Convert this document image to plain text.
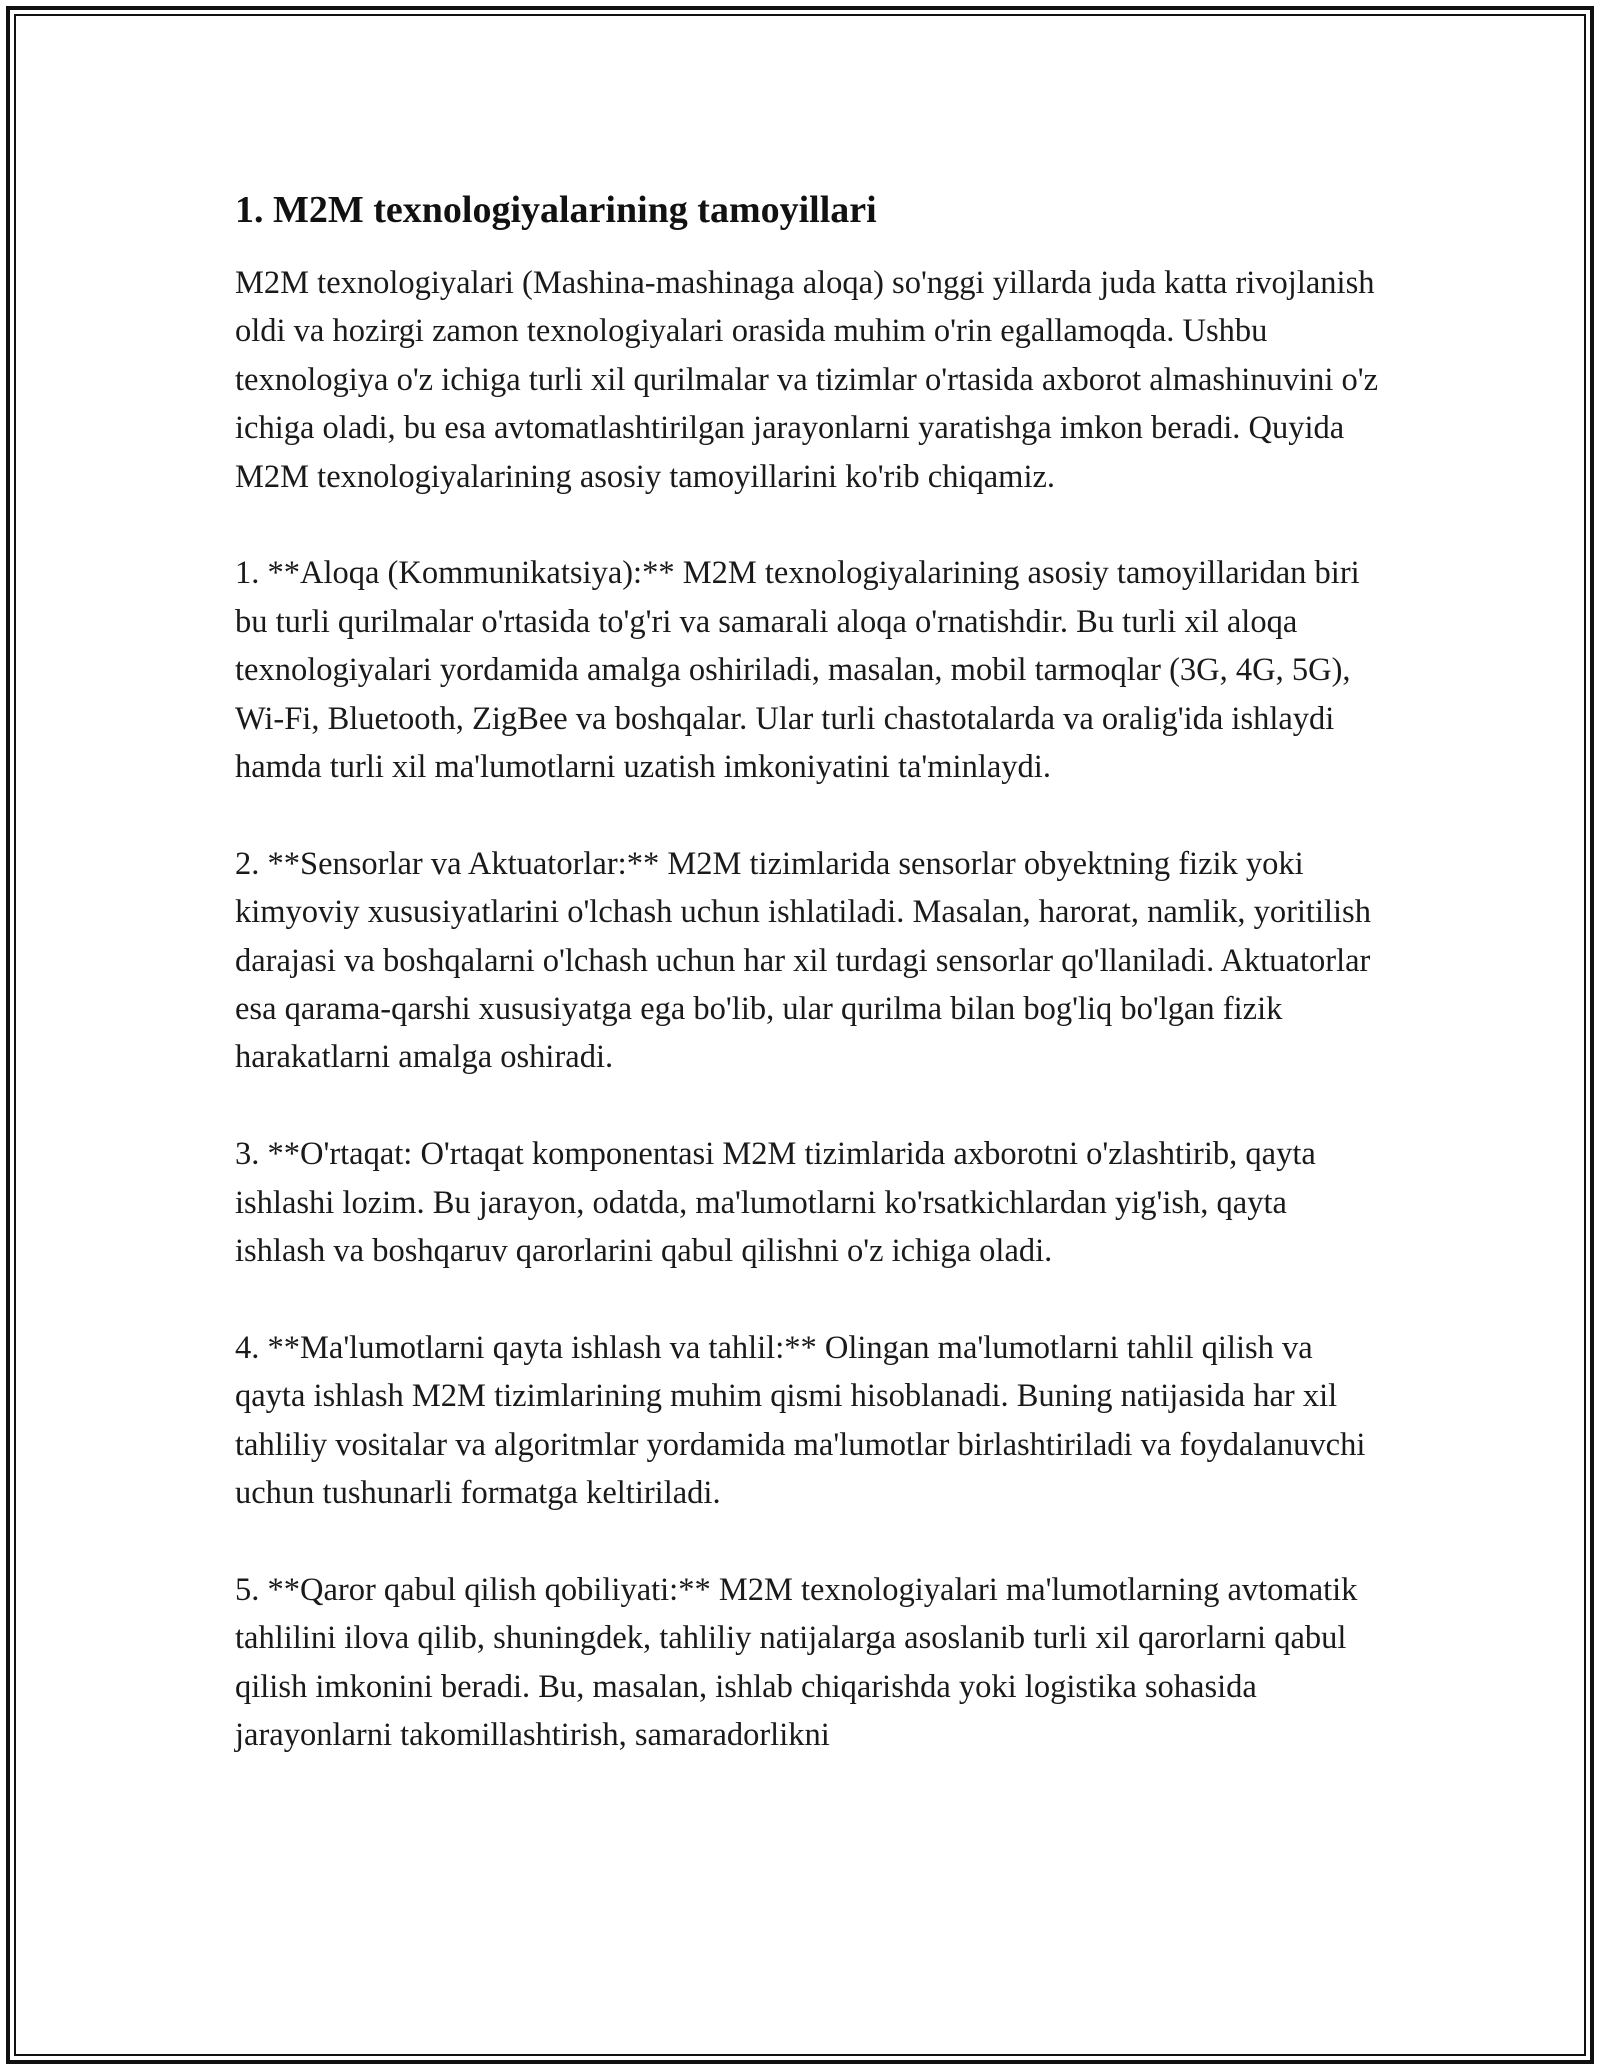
1. M2M texnologiyalarining tamoyillari

M2M texnologiyalari (Mashina-mashinaga aloqa) so'nggi yillarda juda katta rivojlanish oldi va hozirgi zamon texnologiyalari orasida muhim o'rin egallamoqda. Ushbu texnologiya o'z ichiga turli xil qurilmalar va tizimlar o'rtasida axborot almashinuvini o'z ichiga oladi, bu esa avtomatlashtirilgan jarayonlarni yaratishga imkon beradi. Quyida M2M texnologiyalarining asosiy tamoyillarini ko'rib chiqamiz.

1. **Aloqa (Kommunikatsiya):** M2M texnologiyalarining asosiy tamoyillaridan biri bu turli qurilmalar o'rtasida to'g'ri va samarali aloqa o'rnatishdir. Bu turli xil aloqa texnologiyalari yordamida amalga oshiriladi, masalan, mobil tarmoqlar (3G, 4G, 5G), Wi-Fi, Bluetooth, ZigBee va boshqalar. Ular turli chastotalarda va oralig'ida ishlaydi hamda turli xil ma'lumotlarni uzatish imkoniyatini ta'minlaydi.

2. **Sensorlar va Aktuatorlar:** M2M tizimlarida sensorlar obyektning fizik yoki kimyoviy xususiyatlarini o'lchash uchun ishlatiladi. Masalan, harorat, namlik, yoritilish darajasi va boshqalarni o'lchash uchun har xil turdagi sensorlar qo'llaniladi. Aktuatorlar esa qarama-qarshi xususiyatga ega bo'lib, ular qurilma bilan bog'liq bo'lgan fizik harakatlarni amalga oshiradi.

3. **O'rtaqat: O'rtaqat komponentasi M2M tizimlarida axborotni o'zlashtirib, qayta ishlashi lozim. Bu jarayon, odatda, ma'lumotlarni ko'rsatkichlardan yig'ish, qayta ishlash va boshqaruv qarorlarini qabul qilishni o'z ichiga oladi.

4. **Ma'lumotlarni qayta ishlash va tahlil:** Olingan ma'lumotlarni tahlil qilish va qayta ishlash M2M tizimlarining muhim qismi hisoblanadi. Buning natijasida har xil tahliliy vositalar va algoritmlar yordamida ma'lumotlar birlashtiriladi va foydalanuvchi uchun tushunarli formatga keltiriladi.

5. **Qaror qabul qilish qobiliyati:** M2M texnologiyalari ma'lumotlarning avtomatik tahlilini ilova qilib, shuningdek, tahliliy natijalarga asoslanib turli xil qarorlarni qabul qilish imkonini beradi. Bu, masalan, ishlab chiqarishda yoki logistika sohasida jarayonlarni takomillashtirish, samaradorlikni
